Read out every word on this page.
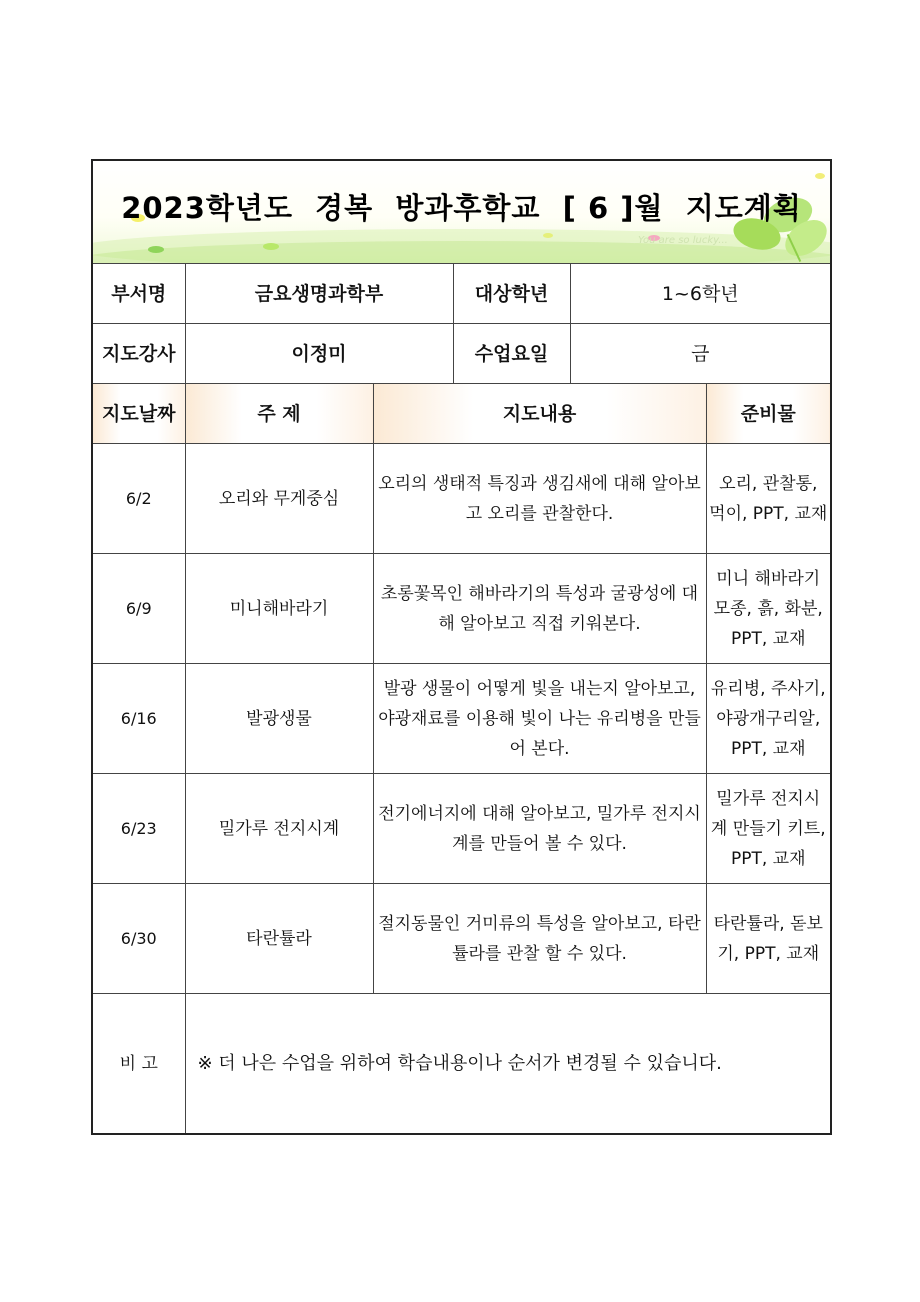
2023학년도  경복  방과후학교  [ 6 ]월  지도계획
You are so lucky...
부서명	금요생명과학부	대상학년	1~6학년
지도강사	이정미	수업요일	금
지도날짜	주 제	지도내용	준비물
6/2	오리와 무게중심	오리의 생태적 특징과 생김새에 대해 알아보고 오리를 관찰한다.	오리, 관찰통, 먹이, PPT, 교재
6/9	미니해바라기	초롱꽃목인 해바라기의 특성과 굴광성에 대해 알아보고 직접 키워본다.	미니 해바라기모종, 흙, 화분, PPT, 교재
6/16	발광생물	발광 생물이 어떻게 빛을 내는지 알아보고, 야광재료를 이용해 빛이 나는 유리병을 만들어 본다.	유리병, 주사기, 야광개구리알, PPT, 교재
6/23	밀가루 전지시계	전기에너지에 대해 알아보고, 밀가루 전지시계를 만들어 볼 수 있다.	밀가루 전지시계 만들기 키트, PPT, 교재
6/30	타란튤라	절지동물인 거미류의 특성을 알아보고, 타란튤라를 관찰 할 수 있다.	타란튤라, 돋보기, PPT, 교재
비 고	※ 더 나은 수업을 위하여 학습내용이나 순서가 변경될 수 있습니다.
